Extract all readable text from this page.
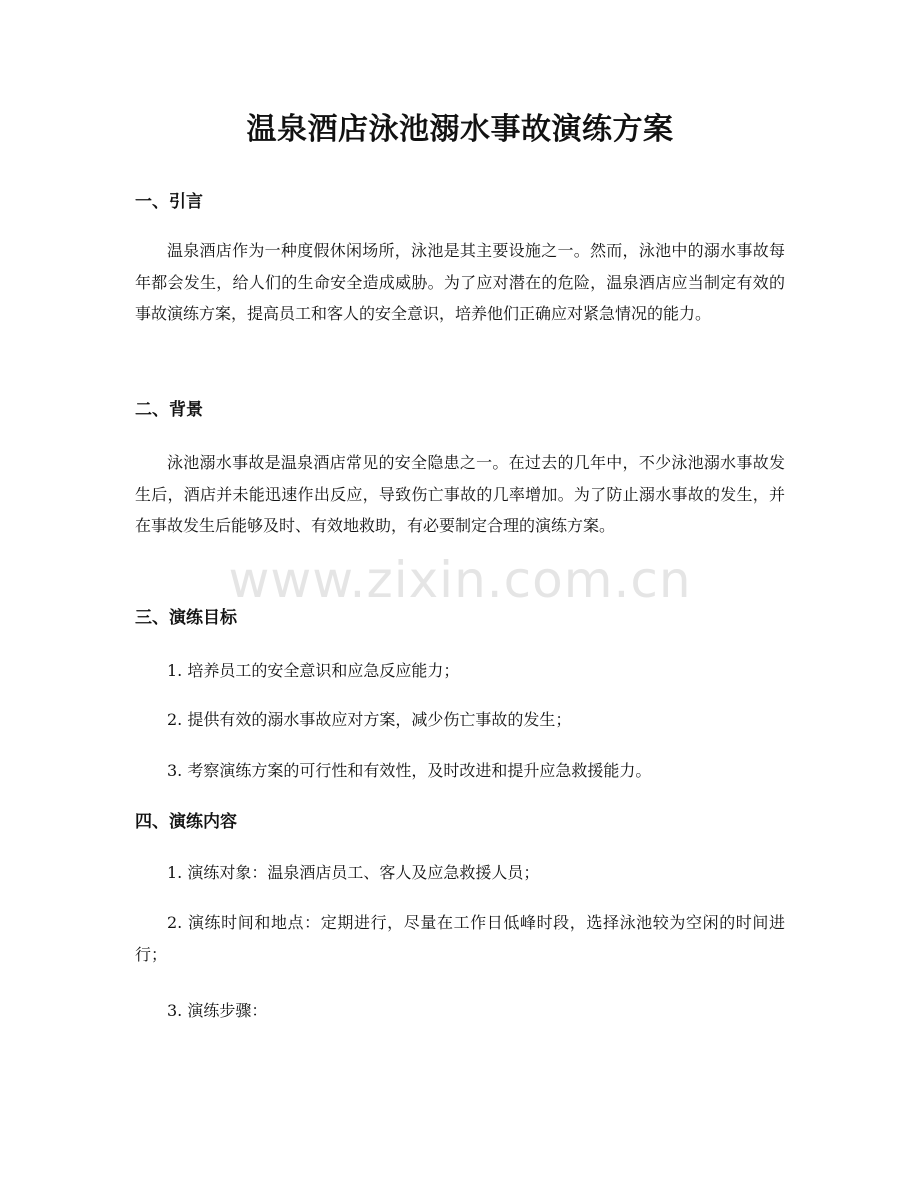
温泉酒店泳池溺水事故演练方案
一、引言

温泉酒店作为一种度假休闲场所，泳池是其主要设施之一。然而，泳池中的溺水事故每年都会发生，给人们的生命安全造成威胁。为了应对潜在的危险，温泉酒店应当制定有效的事故演练方案，提高员工和客人的安全意识，培养他们正确应对紧急情况的能力。

二、背景

泳池溺水事故是温泉酒店常见的安全隐患之一。在过去的几年中，不少泳池溺水事故发生后，酒店并未能迅速作出反应，导致伤亡事故的几率增加。为了防止溺水事故的发生，并在事故发生后能够及时、有效地救助，有必要制定合理的演练方案。

三、演练目标

1. 培养员工的安全意识和应急反应能力；

2. 提供有效的溺水事故应对方案，减少伤亡事故的发生；

3. 考察演练方案的可行性和有效性，及时改进和提升应急救援能力。

四、演练内容

1. 演练对象：温泉酒店员工、客人及应急救援人员；

2. 演练时间和地点：定期进行，尽量在工作日低峰时段，选择泳池较为空闲的时间进行；

3. 演练步骤：

www.zixin.com.cn
